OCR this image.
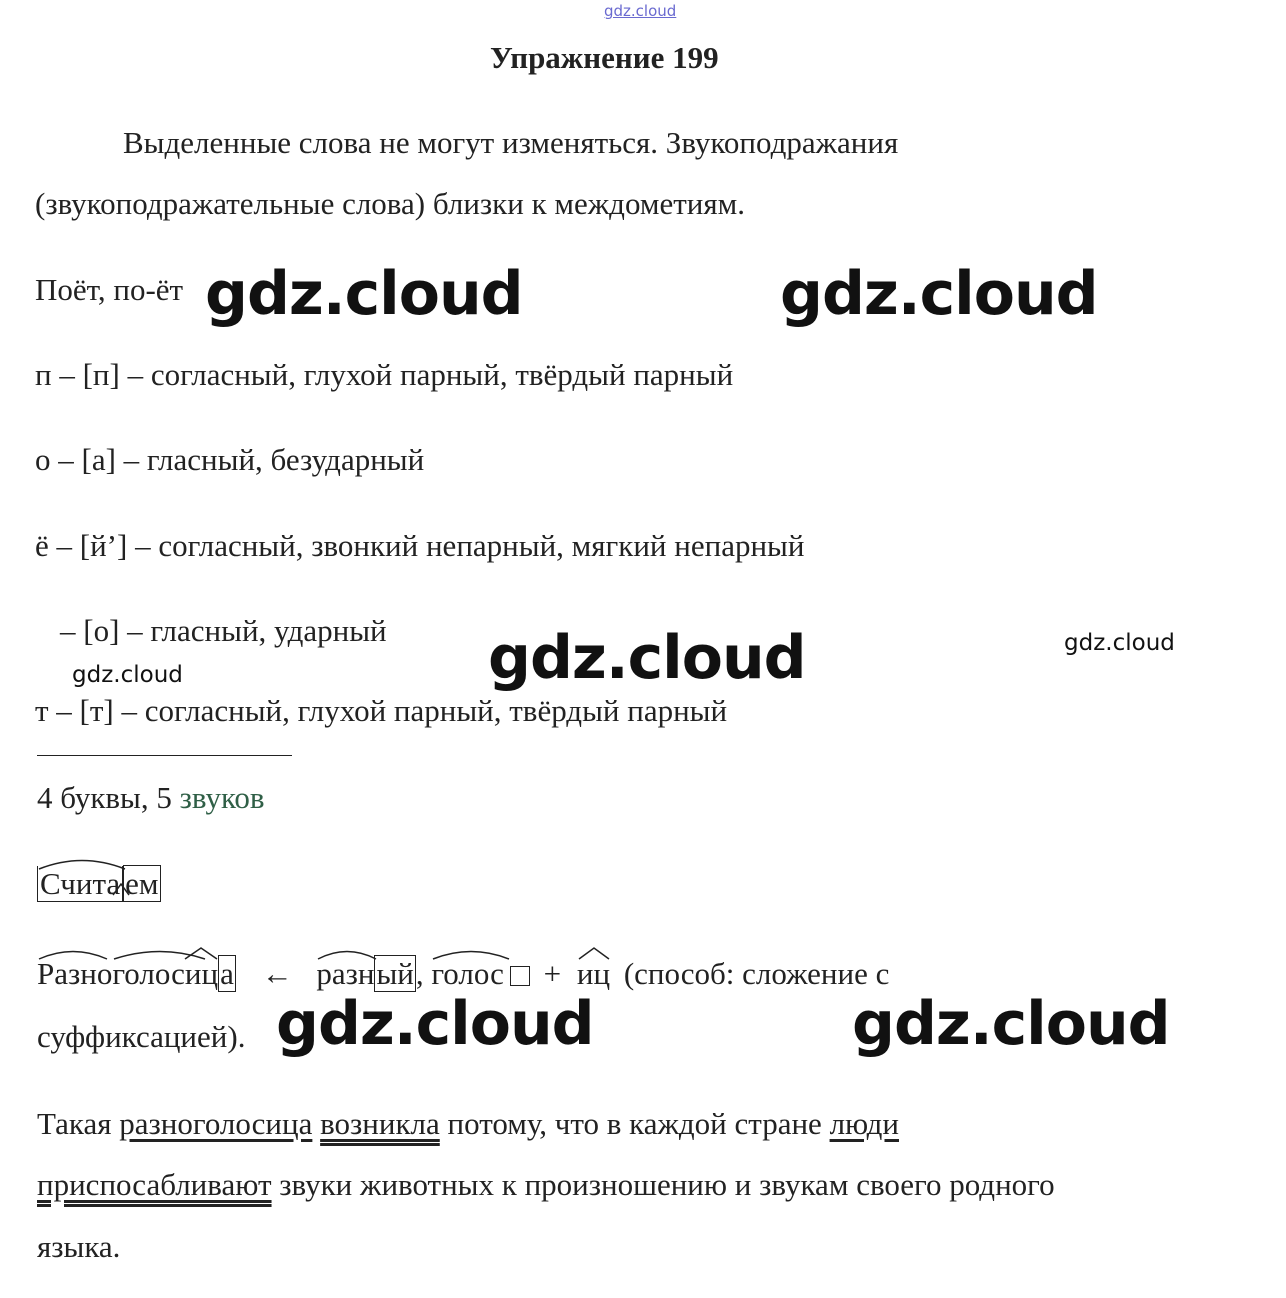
gdz.cloud
Упражнение 199
Выделенные слова не могут изменяться. Звукоподражания
(звукоподражательные слова) близки к междометиям.
Поёт, по-ёт
п – [п] – согласный, глухой парный, твёрдый парный
о – [а] – гласный, безударный
ё – [й’] – согласный, звонкий непарный, мягкий непарный
– [о] – гласный, ударный
т – [т] – согласный, глухой парный, твёрдый парный
4 буквы, 5 звуков
Счита ем
Разно
голоси
ца ← разный, голос + иц (способ: сложение с
суффиксацией).
Такая разноголосица возникла потому, что в каждой стране люди
приспосабливают звуки животных к произношению и звукам своего родного
языка.
gdz.cloud	gdz.cloud
gdz.cloud	gdz.cloud
gdz.cloud
gdz.cloud	gdz.cloud
